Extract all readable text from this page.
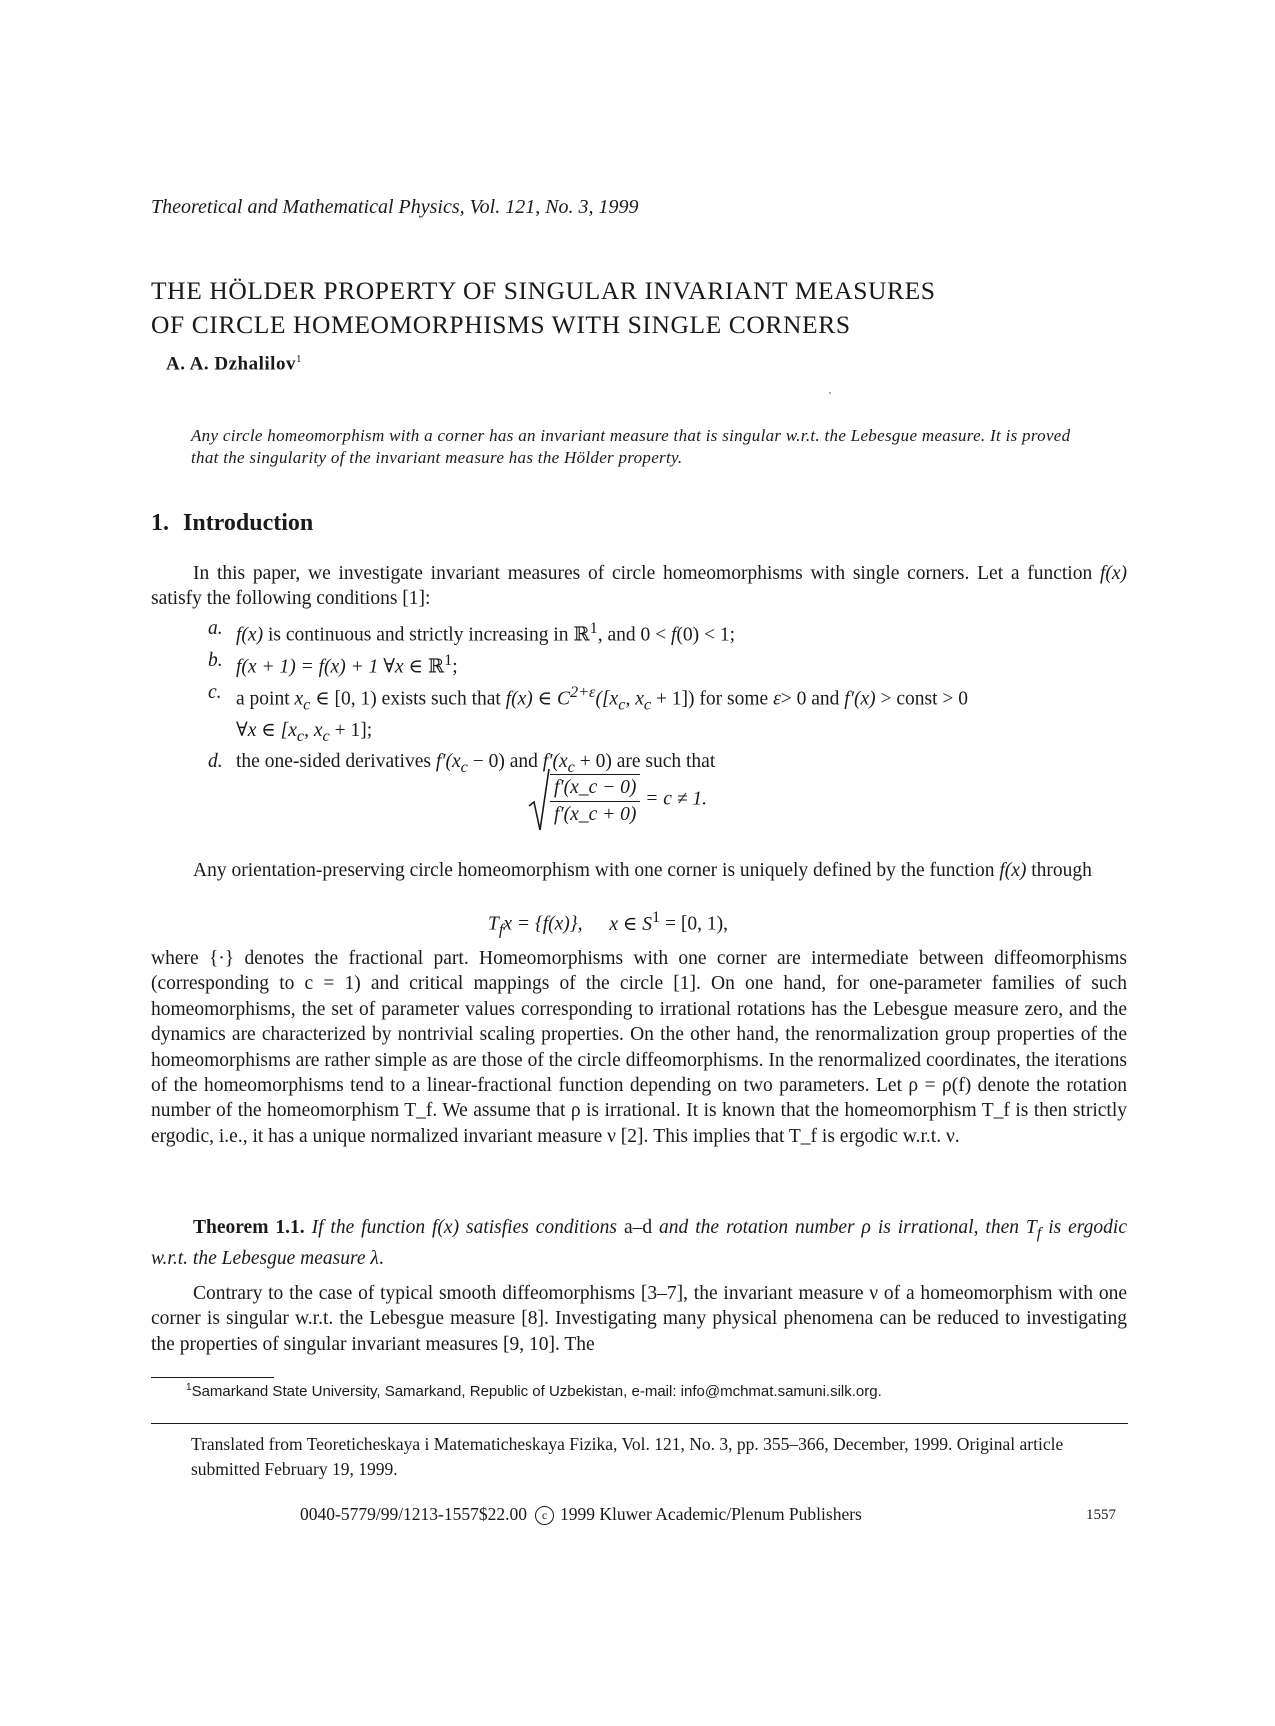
Theoretical and Mathematical Physics, Vol. 121, No. 3, 1999
THE HÖLDER PROPERTY OF SINGULAR INVARIANT MEASURES
OF CIRCLE HOMEOMORPHISMS WITH SINGLE CORNERS
A. A. Dzhalilov$^1$

Any circle homeomorphism with a corner has an invariant measure that is singular w.r.t. the Lebesgue measure. It is proved that the singularity of the invariant measure has the Hölder property.

1. Introduction

In this paper, we investigate invariant measures of circle homeomorphisms with single corners. Let a function f(x) satisfy the following conditions [1]:

a. f(x) is continuous and strictly increasing in ℝ$^1$, and 0 < f(0) < 1;
b. f(x + 1) = f(x) + 1 ∀x ∈ ℝ$^1$;
c. a point $x_c$ ∈ [0, 1) exists such that f(x) ∈ $C^{2+\varepsilon}([x_c$, $x_c + 1$]) for some ε> 0 and f′(x) > const > 0
∀x ∈ [$x_c$, $x_c + 1$];
d. the one-sided derivatives $f'(x_c - 0)$ and $f'(x_c + 0)$ are such that
$\frac{f'(x\_c - 0)}{f'(x\_c + 0)} = c \ne 1$.

Any orientation-preserving circle homeomorphism with one corner is uniquely defined by the function f(x) through

$T_fx = \{f(x)\}$, x ∈ $S^1 = [0$, 1),

where {·} denotes the fractional part. Homeomorphisms with one corner are intermediate between diffeomorphisms (corresponding to c = 1) and critical mappings of the circle [1]. On one hand, for one-parameter families of such homeomorphisms, the set of parameter values corresponding to irrational rotations has the Lebesgue measure zero, and the dynamics are characterized by nontrivial scaling properties. On the other hand, the renormalization group properties of the homeomorphisms are rather simple as are those of the circle diffeomorphisms. In the renormalized coordinates, the iterations of the homeomorphisms tend to a linear-fractional function depending on two parameters. Let ρ = ρ(f) denote the rotation number of the homeomorphism T_f. We assume that ρ is irrational. It is known that the homeomorphism T_f is then strictly ergodic, i.e., it has a unique normalized invariant measure ν [2]. This implies that T_f is ergodic w.r.t. ν.

Theorem 1.1. If the function f(x) satisfies conditions a–d and the rotation number ρ is irrational, then $T_f$ is ergodic w.r.t. the Lebesgue measure λ.

Contrary to the case of typical smooth diffeomorphisms [3–7], the invariant measure ν of a homeomorphism with one corner is singular w.r.t. the Lebesgue measure [8]. Investigating many physical phenomena can be reduced to investigating the properties of singular invariant measures [9, 10]. The

$^1$Samarkand State University, Samarkand, Republic of Uzbekistan, e-mail: info@mchmat.samuni.silk.org.

Translated from Teoreticheskaya i Matematicheskaya Fizika, Vol. 121, No. 3, pp. 355–366, December, 1999. Original article submitted February 19, 1999.

0040-5779/99/1213-1557$22.00 c 1999 Kluwer Academic/Plenum Publishers	1557
